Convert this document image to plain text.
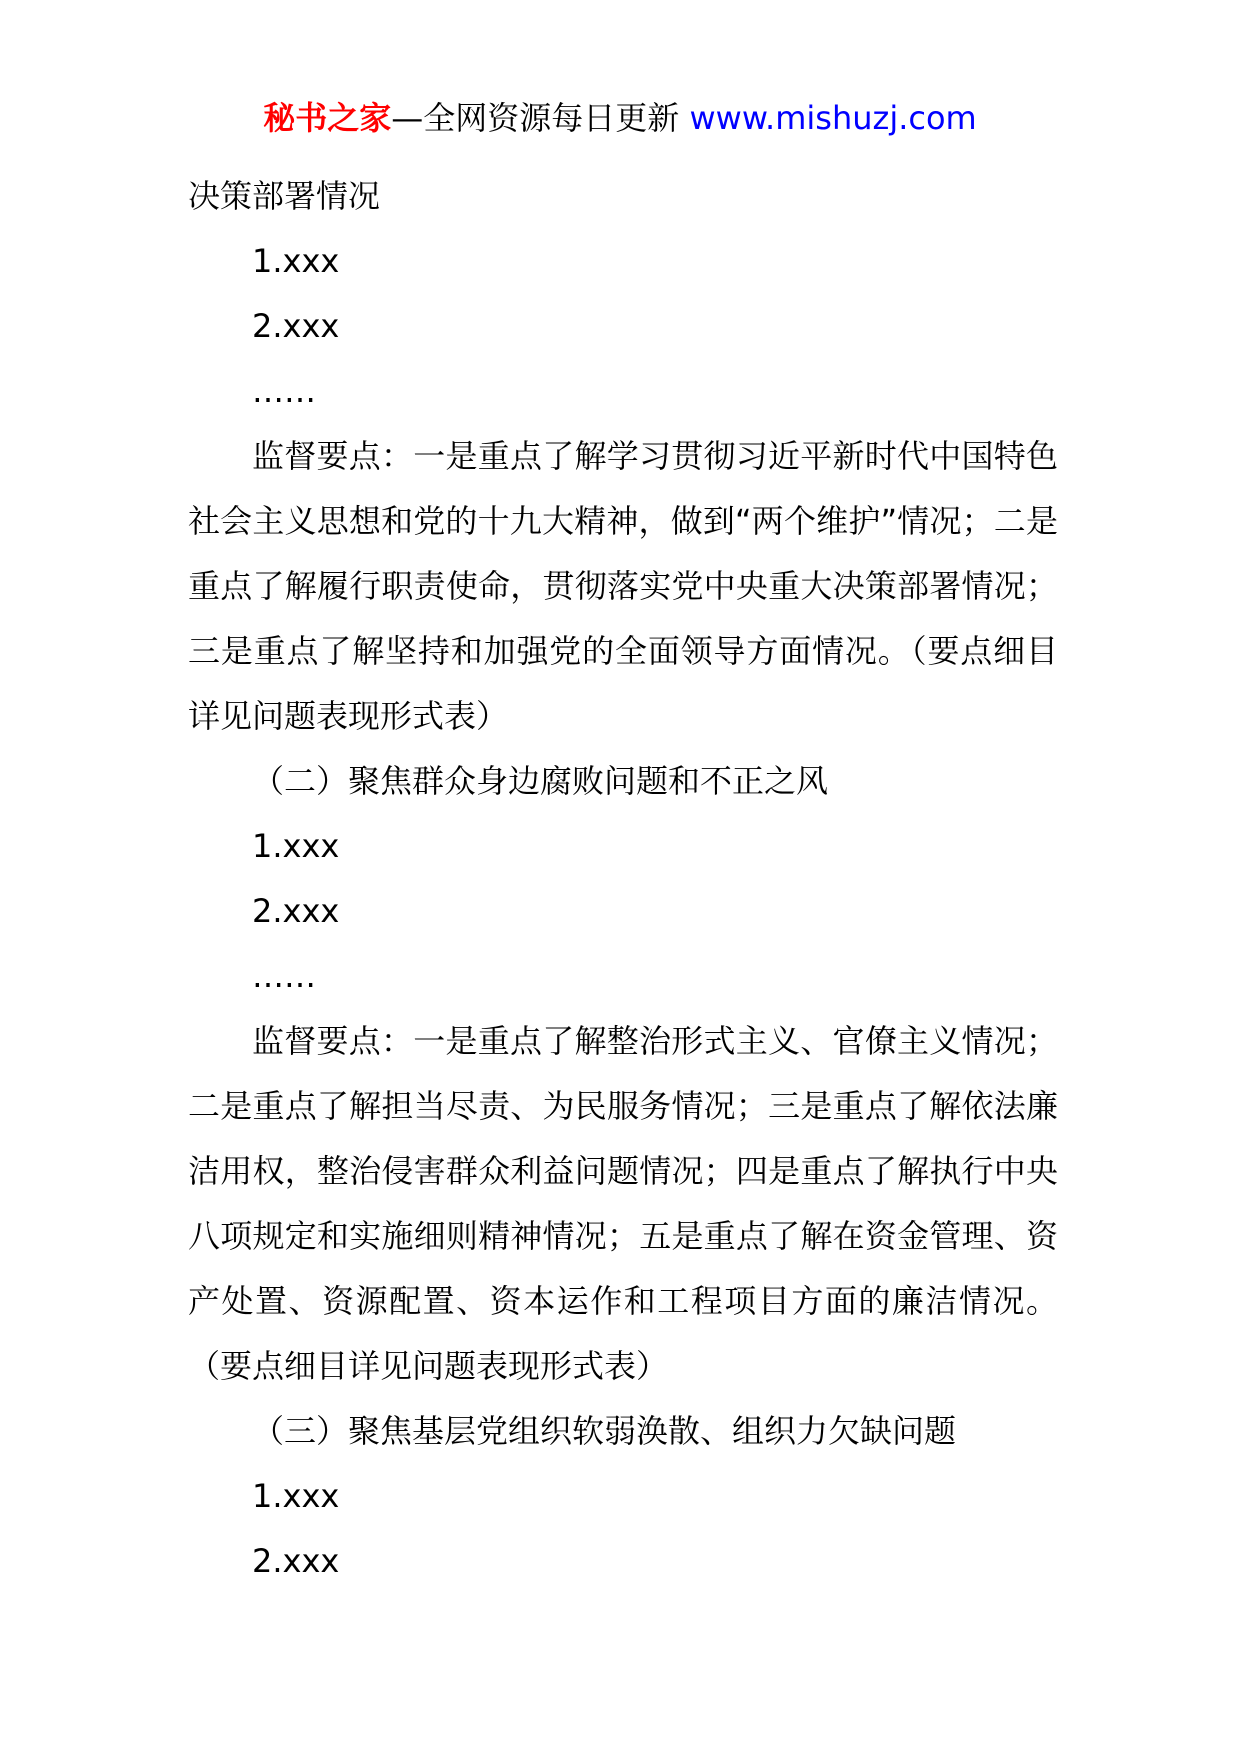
秘书之家—全网资源每日更新 www.mishuzj.com

决策部署情况

1.xxx

2.xxx

……

监督要点：一是重点了解学习贯彻习近平新时代中国特色社会主义思想和党的十九大精神，做到“两个维护”情况；二是重点了解履行职责使命，贯彻落实党中央重大决策部署情况；三是重点了解坚持和加强党的全面领导方面情况。（要点细目详见问题表现形式表）

（二）聚焦群众身边腐败问题和不正之风

1.xxx

2.xxx

……

监督要点：一是重点了解整治形式主义、官僚主义情况；二是重点了解担当尽责、为民服务情况；三是重点了解依法廉洁用权，整治侵害群众利益问题情况；四是重点了解执行中央八项规定和实施细则精神情况；五是重点了解在资金管理、资产处置、资源配置、资本运作和工程项目方面的廉洁情况。（要点细目详见问题表现形式表）

（三）聚焦基层党组织软弱涣散、组织力欠缺问题

1.xxx

2.xxx
